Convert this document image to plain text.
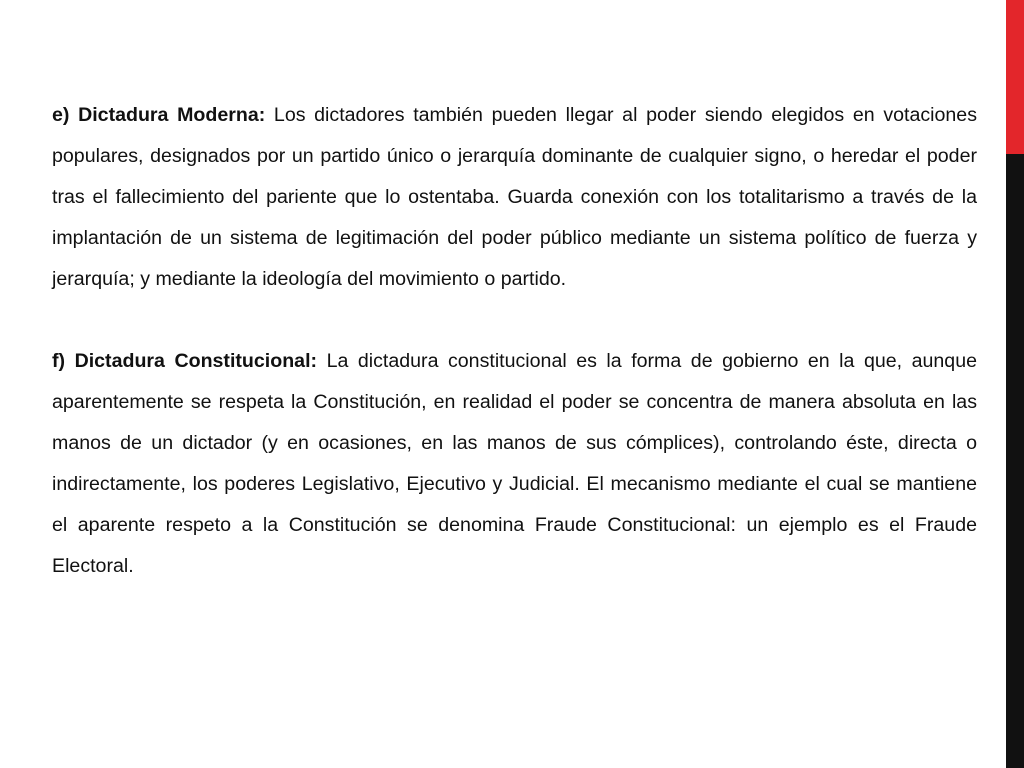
e) Dictadura Moderna: Los dictadores también pueden llegar al poder siendo elegidos en votaciones populares, designados por un partido único o jerarquía dominante de cualquier signo, o heredar el poder tras el fallecimiento del pariente que lo ostentaba. Guarda conexión con los totalitarismo a través de la implantación de un sistema de legitimación del poder público mediante un sistema político de fuerza y jerarquía; y mediante la ideología del movimiento o partido.

f) Dictadura Constitucional: La dictadura constitucional es la forma de gobierno en la que, aunque aparentemente se respeta la Constitución, en realidad el poder se concentra de manera absoluta en las manos de un dictador (y en ocasiones, en las manos de sus cómplices), controlando éste, directa o indirectamente, los poderes Legislativo, Ejecutivo y Judicial. El mecanismo mediante el cual se mantiene el aparente respeto a la Constitución se denomina Fraude Constitucional: un ejemplo es el Fraude Electoral.
